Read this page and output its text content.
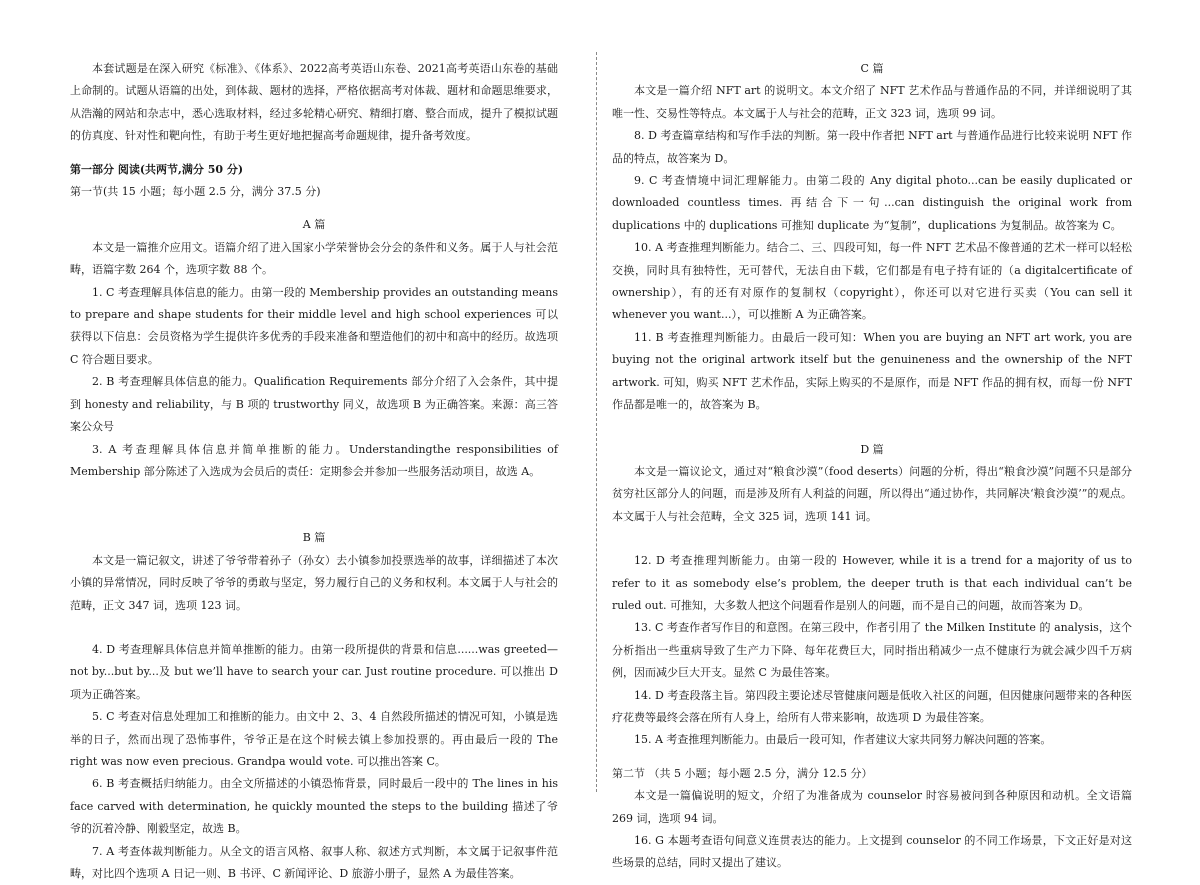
本套试题是在深入研究《标准》、《体系》、2022高考英语山东卷、2021高考英语山东卷的基础上命制的。试题从语篇的出处，到体裁、题材的选择，严格依据高考对体裁、题材和命题思维要求，从浩瀚的网站和杂志中，悉心选取材料，经过多轮精心研究、精细打磨、整合而成，提升了模拟试题的仿真度、针对性和靶向性，有助于考生更好地把握高考命题规律，提升备考效度。

第一部分 阅读(共两节,满分 50 分)

第一节(共 15 小题；每小题 2.5 分，满分 37.5 分)

A 篇

本文是一篇推介应用文。语篇介绍了进入国家小学荣誉协会分会的条件和义务。属于人与社会范畴，语篇字数 264 个，选项字数 88 个。

1. C 考查理解具体信息的能力。由第一段的 Membership provides an outstanding means to prepare and shape students for their middle level and high school experiences 可以获得以下信息：会员资格为学生提供许多优秀的手段来准备和塑造他们的初中和高中的经历。故选项 C 符合题目要求。

2. B 考查理解具体信息的能力。Qualification Requirements 部分介绍了入会条件，其中提到 honesty and reliability，与 B 项的 trustworthy 同义，故选项 B 为正确答案。来源：高三答案公众号

3. A 考查理解具体信息并简单推断的能力。Understandingthe responsibilities of Membership 部分陈述了入选成为会员后的责任：定期参会并参加一些服务活动项目，故选 A。

B 篇

本文是一篇记叙文，讲述了爷爷带着孙子（孙女）去小镇参加投票选举的故事，详细描述了本次小镇的异常情况，同时反映了爷爷的勇敢与坚定，努力履行自己的义务和权利。本文属于人与社会的范畴，正文 347 词，选项 123 词。

4. D 考查理解具体信息并简单推断的能力。由第一段所提供的背景和信息......was greeted—not by...but by...及 but we’ll have to search your car. Just routine procedure. 可以推出 D 项为正确答案。

5. C 考查对信息处理加工和推断的能力。由文中 2、3、4 自然段所描述的情况可知，小镇是选举的日子，然而出现了恐怖事件，爷爷正是在这个时候去镇上参加投票的。再由最后一段的 The right was now even precious. Grandpa would vote. 可以推出答案 C。

6. B 考查概括归纳能力。由全文所描述的小镇恐怖背景，同时最后一段中的 The lines in his face carved with determination, he quickly mounted the steps to the building 描述了爷爷的沉着冷静、刚毅坚定，故选 B。

7. A 考查体裁判断能力。从全文的语言风格、叙事人称、叙述方式判断，本文属于记叙事件范畴，对比四个选项 A 日记一则、B 书评、C 新闻评论、D 旅游小册子，显然 A 为最佳答案。

C 篇

本文是一篇介绍 NFT art 的说明文。本文介绍了 NFT 艺术作品与普通作品的不同，并详细说明了其唯一性、交易性等特点。本文属于人与社会的范畴，正文 323 词，选项 99 词。

8. D 考查篇章结构和写作手法的判断。第一段中作者把 NFT art 与普通作品进行比较来说明 NFT 作品的特点，故答案为 D。

9. C 考查情境中词汇理解能力。由第二段的 Any digital photo...can be easily duplicated or downloaded countless times. 再结合下一句...can distinguish the original work from duplications 中的 duplications 可推知 duplicate 为“复制”，duplications 为复制品。故答案为 C。

10. A 考查推理判断能力。结合二、三、四段可知，每一件 NFT 艺术品不像普通的艺术一样可以轻松交换，同时具有独特性，无可替代，无法自由下载，它们都是有电子持有证的（a digitalcertificate of ownership），有的还有对原作的复制权（copyright），你还可以对它进行买卖（You can sell it whenever you want...），可以推断 A 为正确答案。

11. B 考查推理判断能力。由最后一段可知：When you are buying an NFT art work, you are buying not the original artwork itself but the genuineness and the ownership of the NFT artwork. 可知，购买 NFT 艺术作品，实际上购买的不是原作，而是 NFT 作品的拥有权，而每一份 NFT 作品都是唯一的，故答案为 B。

D 篇

本文是一篇议论文，通过对“粮食沙漠”（food deserts）问题的分析，得出“粮食沙漠”问题不只是部分贫穷社区部分人的问题，而是涉及所有人利益的问题，所以得出“通过协作，共同解决‘粮食沙漠’”的观点。本文属于人与社会范畴，全文 325 词，选项 141 词。

12. D 考查推理判断能力。由第一段的 However, while it is a trend for a majority of us to refer to it as somebody else’s problem, the deeper truth is that each individual can’t be ruled out. 可推知，大多数人把这个问题看作是别人的问题，而不是自己的问题，故而答案为 D。

13. C 考查作者写作目的和意图。在第三段中，作者引用了 the Milken Institute 的 analysis，这个分析指出一些重病导致了生产力下降、每年花费巨大，同时指出稍减少一点不健康行为就会减少四千万病例，因而减少巨大开支。显然 C 为最佳答案。

14. D 考查段落主旨。第四段主要论述尽管健康问题是低收入社区的问题，但因健康问题带来的各种医疗花费等最终会落在所有人身上，给所有人带来影响，故选项 D 为最佳答案。

15. A 考查推理判断能力。由最后一段可知，作者建议大家共同努力解决问题的答案。

第二节 （共 5 小题；每小题 2.5 分，满分 12.5 分）

本文是一篇偏说明的短文，介绍了为准备成为 counselor 时容易被问到各种原因和动机。全文语篇 269 词，选项 94 词。

16. G 本题考查语句间意义连贯表达的能力。上文提到 counselor 的不同工作场景，下文正好是对这些场景的总结，同时又提出了建议。
